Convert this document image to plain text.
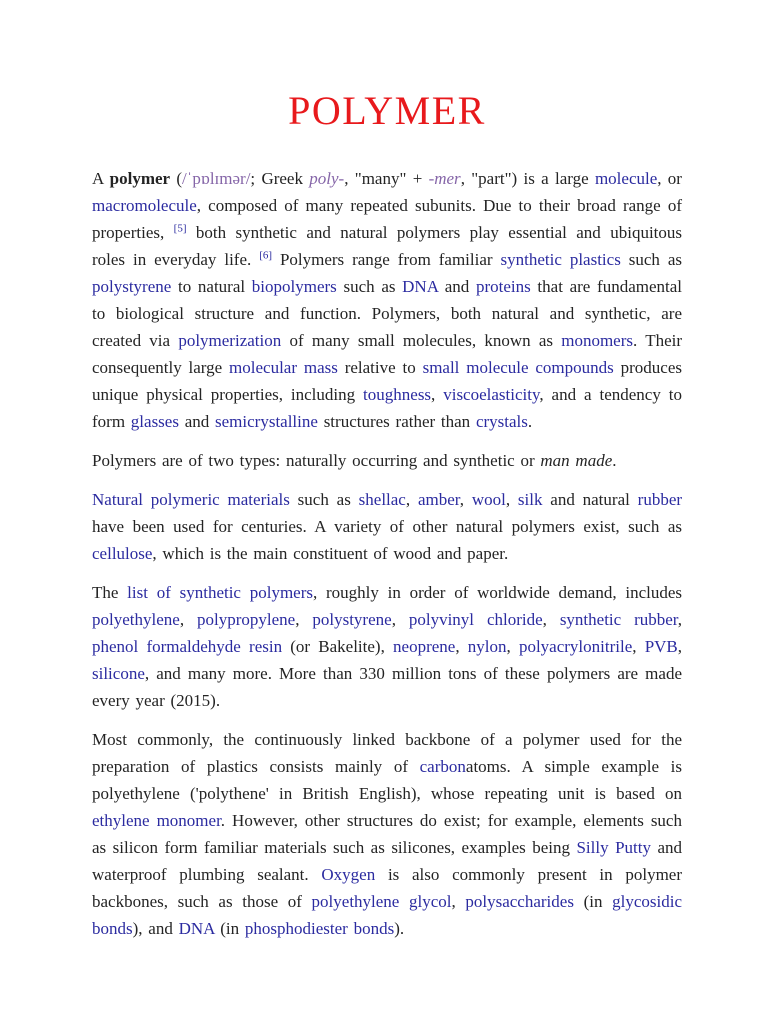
POLYMER

A polymer (/ˈpɒlɪmər/; Greek poly-, "many" + -mer, "part") is a large molecule, or macromolecule, composed of many repeated subunits. Due to their broad range of properties, [5] both synthetic and natural polymers play essential and ubiquitous roles in everyday life. [6] Polymers range from familiar synthetic plastics such as polystyrene to natural biopolymers such as DNA and proteins that are fundamental to biological structure and function. Polymers, both natural and synthetic, are created via polymerization of many small molecules, known as monomers. Their consequently large molecular mass relative to small molecule compounds produces unique physical properties, including toughness, viscoelasticity, and a tendency to form glasses and semicrystalline structures rather than crystals.

Polymers are of two types: naturally occurring and synthetic or man made.

Natural polymeric materials such as shellac, amber, wool, silk and natural rubber have been used for centuries. A variety of other natural polymers exist, such as cellulose, which is the main constituent of wood and paper.

The list of synthetic polymers, roughly in order of worldwide demand, includes polyethylene, polypropylene, polystyrene, polyvinyl chloride, synthetic rubber, phenol formaldehyde resin (or Bakelite), neoprene, nylon, polyacrylonitrile, PVB, silicone, and many more. More than 330 million tons of these polymers are made every year (2015).

Most commonly, the continuously linked backbone of a polymer used for the preparation of plastics consists mainly of carbonatoms. A simple example is polyethylene ('polythene' in British English), whose repeating unit is based on ethylene monomer. However, other structures do exist; for example, elements such as silicon form familiar materials such as silicones, examples being Silly Putty and waterproof plumbing sealant. Oxygen is also commonly present in polymer backbones, such as those of polyethylene glycol, polysaccharides (in glycosidic bonds), and DNA (in phosphodiester bonds).
